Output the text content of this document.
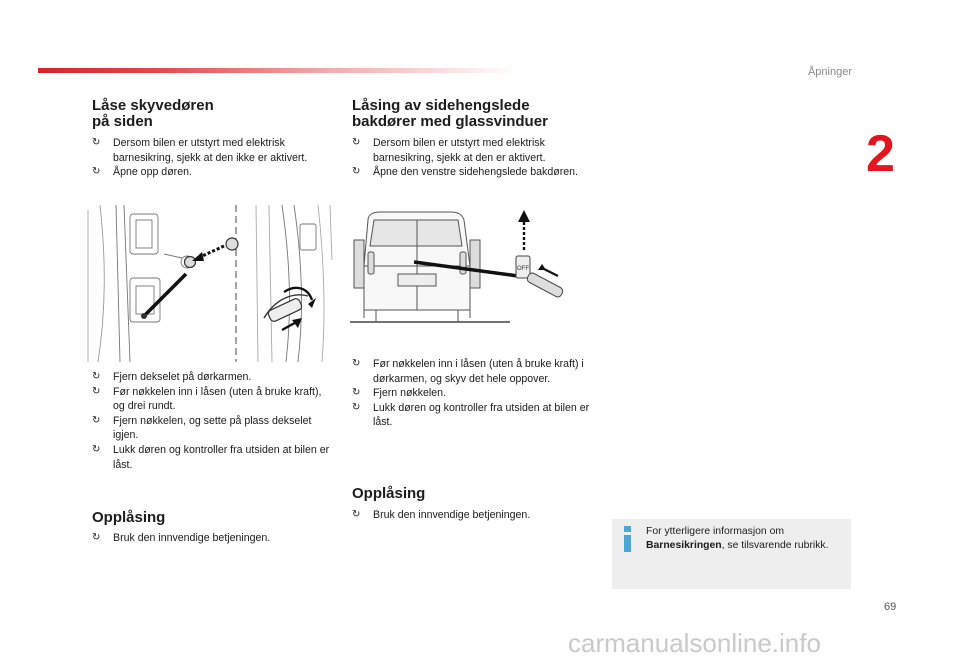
Åpninger
2
Låse skyvedøren
på siden
↻ Dersom bilen er utstyrt med elektrisk barnesikring, sjekk at den ikke er aktivert.
↻ Åpne opp døren.
↻ Fjern dekselet på dørkarmen.
↻ Før nøkkelen inn i låsen (uten å bruke kraft), og drei rundt.
↻ Fjern nøkkelen, og sette på plass dekselet igjen.
↻ Lukk døren og kontroller fra utsiden at bilen er låst.
Opplåsing
↻ Bruk den innvendige betjeningen.
Låsing av sidehengslede
bakdører med glassvinduer
↻ Dersom bilen er utstyrt med elektrisk barnesikring, sjekk at den er aktivert.
↻ Åpne den venstre sidehengslede bakdøren.
OFF
↻ Før nøkkelen inn i låsen (uten å bruke kraft) i dørkarmen, og skyv det hele oppover.
↻ Fjern nøkkelen.
↻ Lukk døren og kontroller fra utsiden at bilen er låst.
Opplåsing
↻ Bruk den innvendige betjeningen.
For ytterligere informasjon om Barnesikringen, se tilsvarende rubrikk.
69
carmanualsonline.info
